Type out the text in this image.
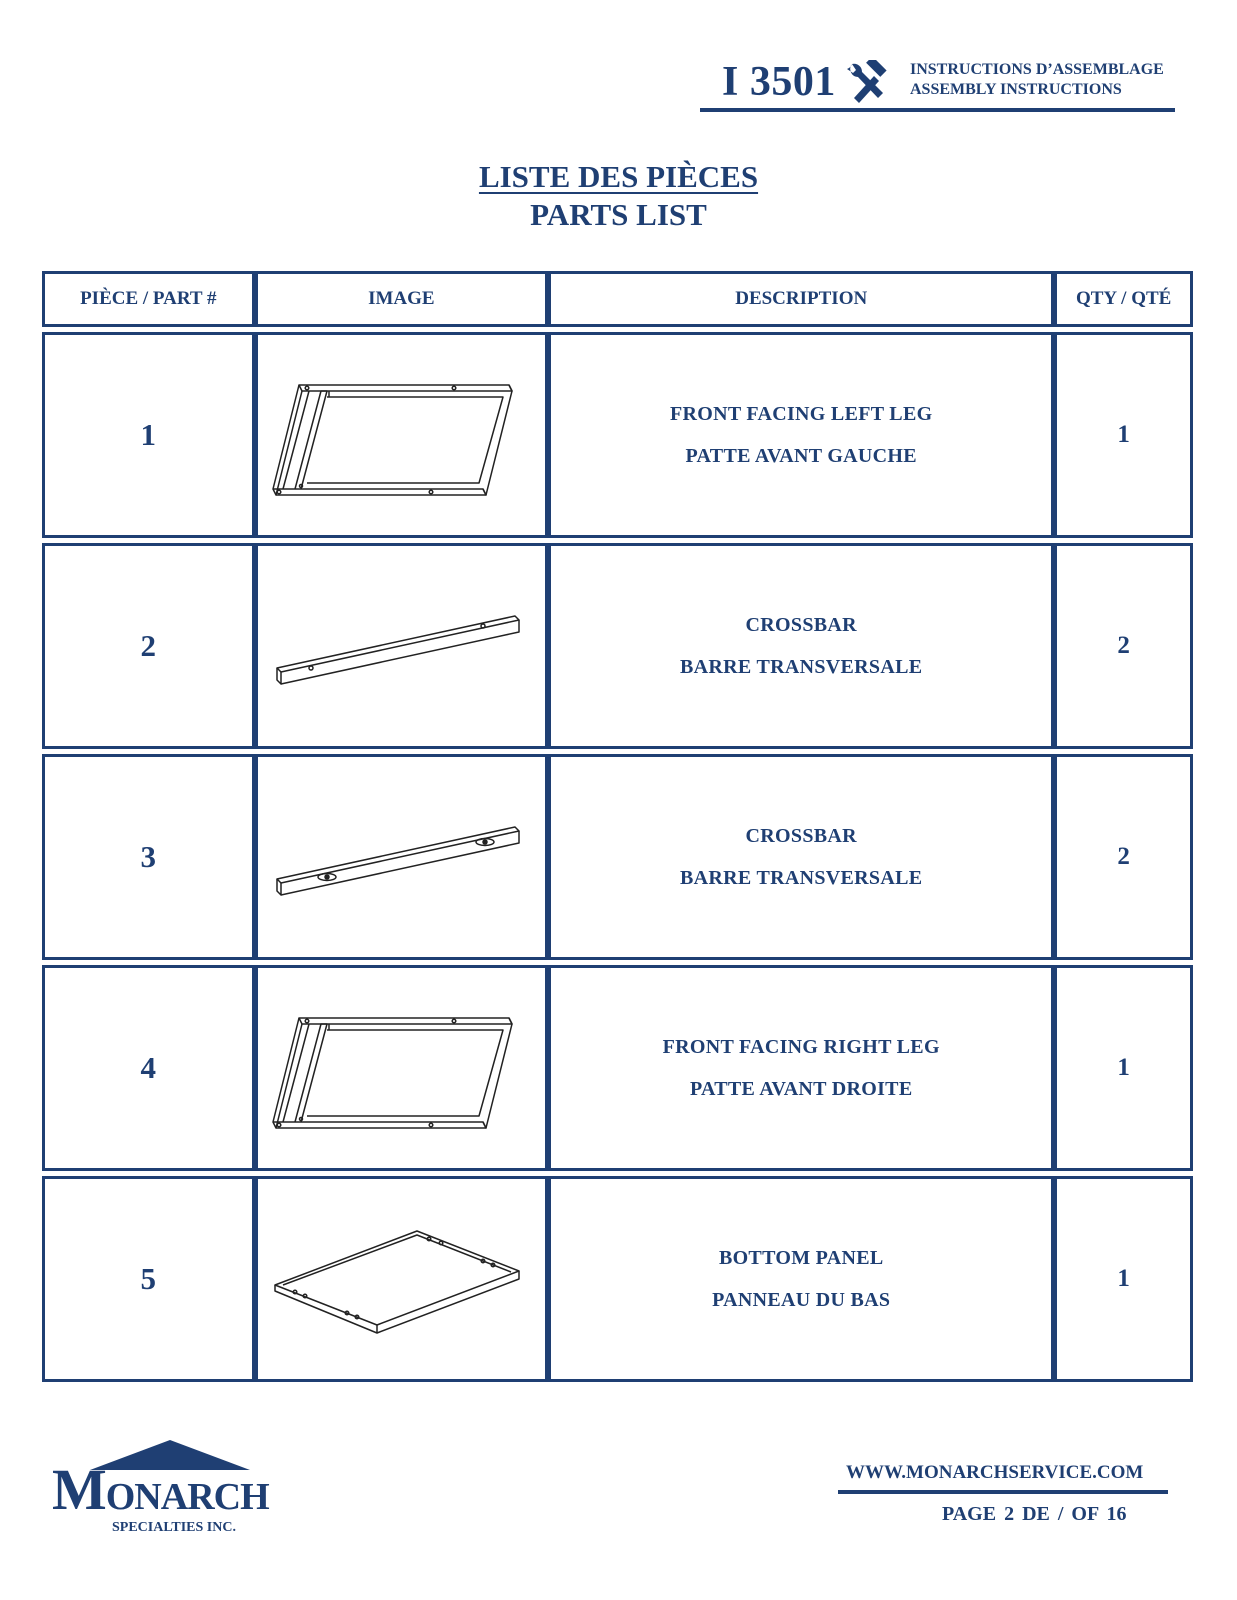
I 3501	INSTRUCTIONS D’ASSEMBLAGE
ASSEMBLY INSTRUCTIONS
LISTE DES PIÈCES
PARTS LIST
PIÈCE / PART #	IMAGE	DESCRIPTION	QTY / QTÉ
1		FRONT FACING LEFT LEG
PATTE AVANT GAUCHE	1
2		CROSSBAR
BARRE TRANSVERSALE	2
3		CROSSBAR
BARRE TRANSVERSALE	2
4		FRONT FACING RIGHT LEG
PATTE AVANT DROITE	1
5		BOTTOM PANEL
PANNEAU DU BAS	1
MONARCH
SPECIALTIES INC.
WWW.MONARCHSERVICE.COM
PAGE 2 DE / OF 16
